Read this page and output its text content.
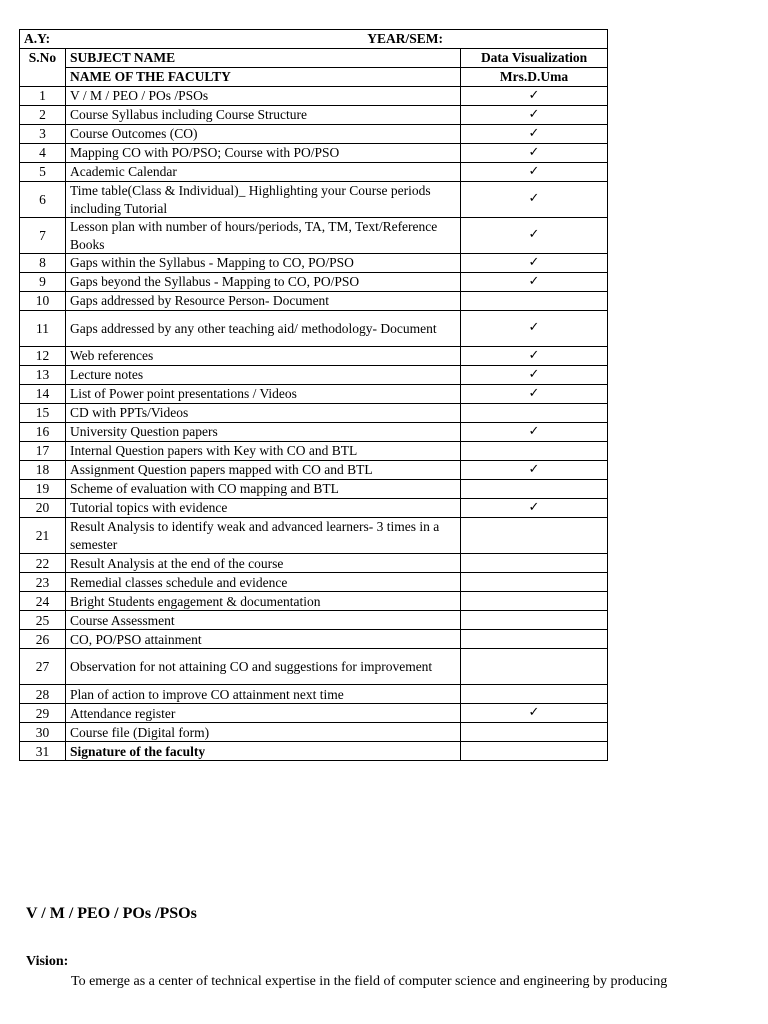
A.Y: YEAR/SEM:		

S.No	SUBJECT NAME	Data Visualization
	NAME OF THE FACULTY	Mrs.D.Uma
1	V / M / PEO / POs /PSOs	✓
2	Course Syllabus including Course Structure	✓
3	Course Outcomes (CO)	✓
4	Mapping CO with PO/PSO; Course with PO/PSO	✓
5	Academic Calendar	✓
6	Time table(Class & Individual)_ Highlighting your Course periods including Tutorial	✓
7	Lesson plan with number of hours/periods, TA, TM, Text/Reference Books	✓
8	Gaps within the Syllabus - Mapping to CO, PO/PSO	✓
9	Gaps beyond the Syllabus - Mapping to CO, PO/PSO	✓
10	Gaps addressed by Resource Person- Document	
11	Gaps addressed by any other teaching aid/ methodology- Document	✓
12	Web references	✓
13	Lecture notes	✓
14	List of Power point presentations / Videos	✓
15	CD with PPTs/Videos	
16	University Question papers	✓
17	Internal Question papers with Key with CO and BTL	
18	Assignment Question papers mapped with CO and BTL	✓
19	Scheme of evaluation with CO mapping and BTL	
20	Tutorial topics with evidence	✓
21	Result Analysis to identify weak and advanced learners- 3 times in a semester	
22	Result Analysis at the end of the course	
23	Remedial classes schedule and evidence	
24	Bright Students engagement & documentation	
25	Course Assessment	
26	CO, PO/PSO attainment	
27	Observation for not attaining CO and suggestions for improvement	
28	Plan of action to improve CO attainment next time	
29	Attendance register	✓
30	Course file (Digital form)	
31	Signature of the faculty	
V / M / PEO / POs /PSOs
Vision:
To emerge as a center of technical expertise in the field of computer science and engineering by producing
